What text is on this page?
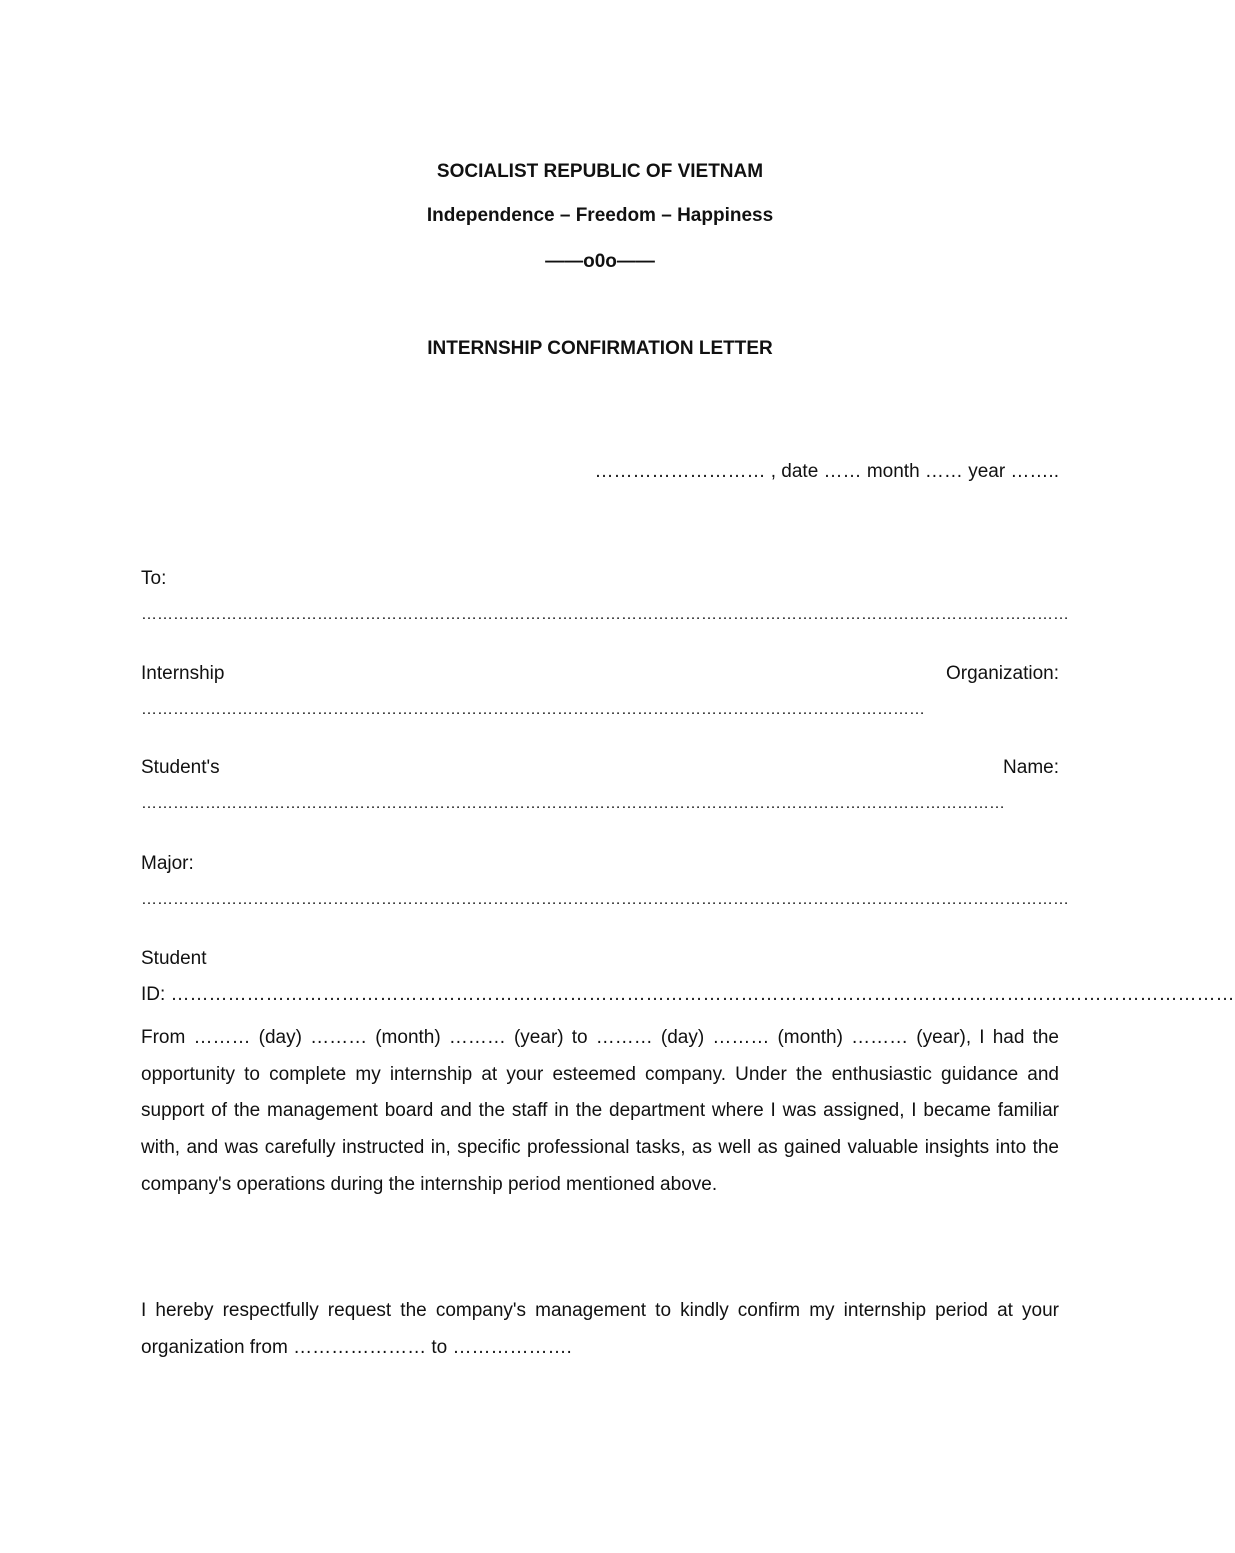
SOCIALIST REPUBLIC OF VIETNAM
Independence – Freedom – Happiness
——o0o——
INTERNSHIP CONFIRMATION LETTER
……………………… , date …… month …… year ……..
To:
…………………………………………………………………………………………………………………………………………………………
Internship	Organization:
…………………………………………………………………………………………………………………………………
Student's	Name:
………………………………………………………………………………………………………………………………………………
Major:
…………………………………………………………………………………………………………………………………………………………
Student
ID: ……………………………………………………………………………………………………………………………………………………
From ……… (day) ……… (month) ……… (year) to ……… (day) ……… (month) ……… (year), I had the opportunity to complete my internship at your esteemed company. Under the enthusiastic guidance and support of the management board and the staff in the department where I was assigned, I became familiar with, and was carefully instructed in, specific professional tasks, as well as gained valuable insights into the company's operations during the internship period mentioned above.
I hereby respectfully request the company's management to kindly confirm my internship period at your organization from ………………… to ……………….
